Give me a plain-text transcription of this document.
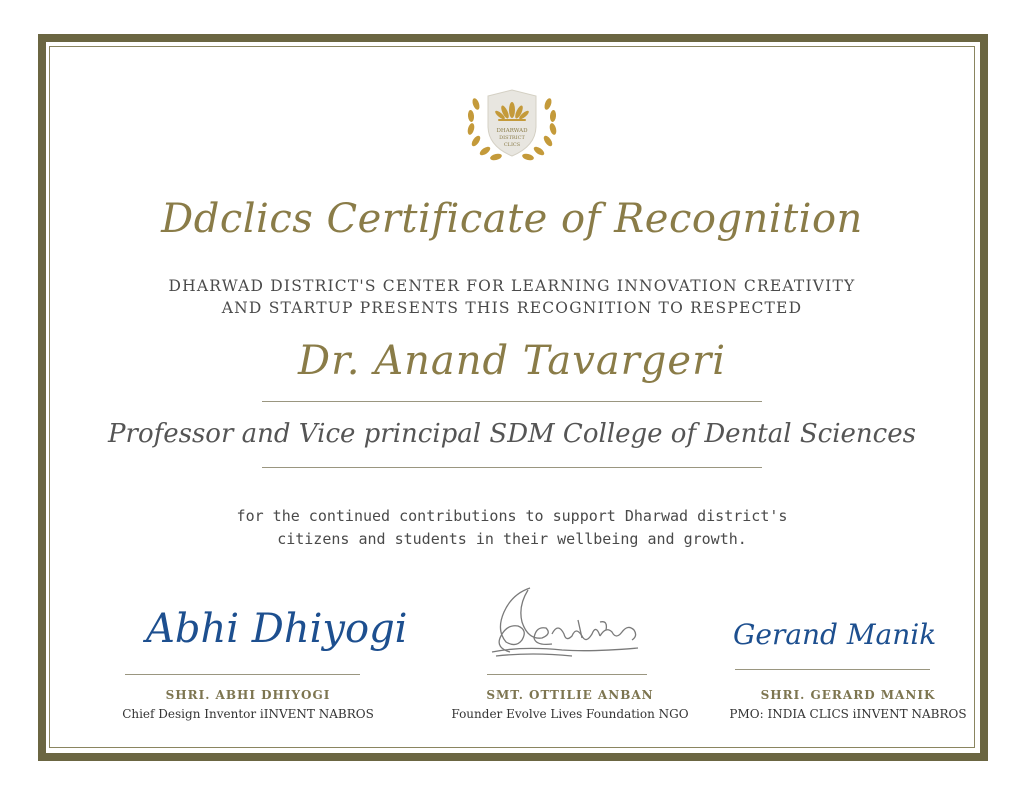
DHARWAD
DISTRICT
CLICS
Ddclics Certificate of Recognition
DHARWAD DISTRICT'S CENTER FOR LEARNING INNOVATION CREATIVITY
AND STARTUP PRESENTS THIS RECOGNITION TO RESPECTED
Dr. Anand Tavargeri
Professor and Vice principal SDM College of Dental Sciences
for the continued contributions to support Dharwad district's
citizens and students in their wellbeing and growth.
Abhi Dhiyogi
SHRI. ABHI DHIYOGI
Chief Design Inventor iINVENT NABROS
SMT. OTTILIE ANBAN
Founder Evolve Lives Foundation NGO
Gerand Manik
SHRI. GERARD MANIK
PMO: INDIA CLICS iINVENT NABROS
